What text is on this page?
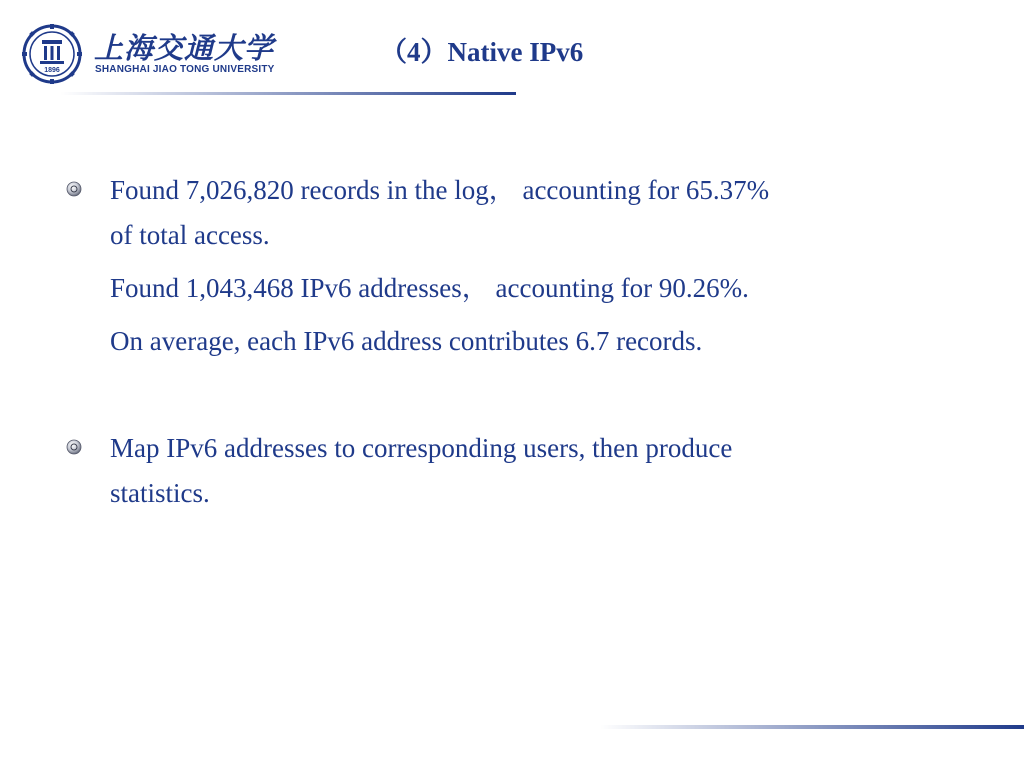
1896
上海交通大学
SHANGHAI JIAO TONG UNIVERSITY
（4）Native IPv6
Found 7,026,820 records in the log， accounting for 65.37%
of total access.
Found 1,043,468 IPv6 addresses， accounting for 90.26%.
On average, each IPv6 address contributes 6.7 records.
Map IPv6 addresses to corresponding users, then produce
statistics.
